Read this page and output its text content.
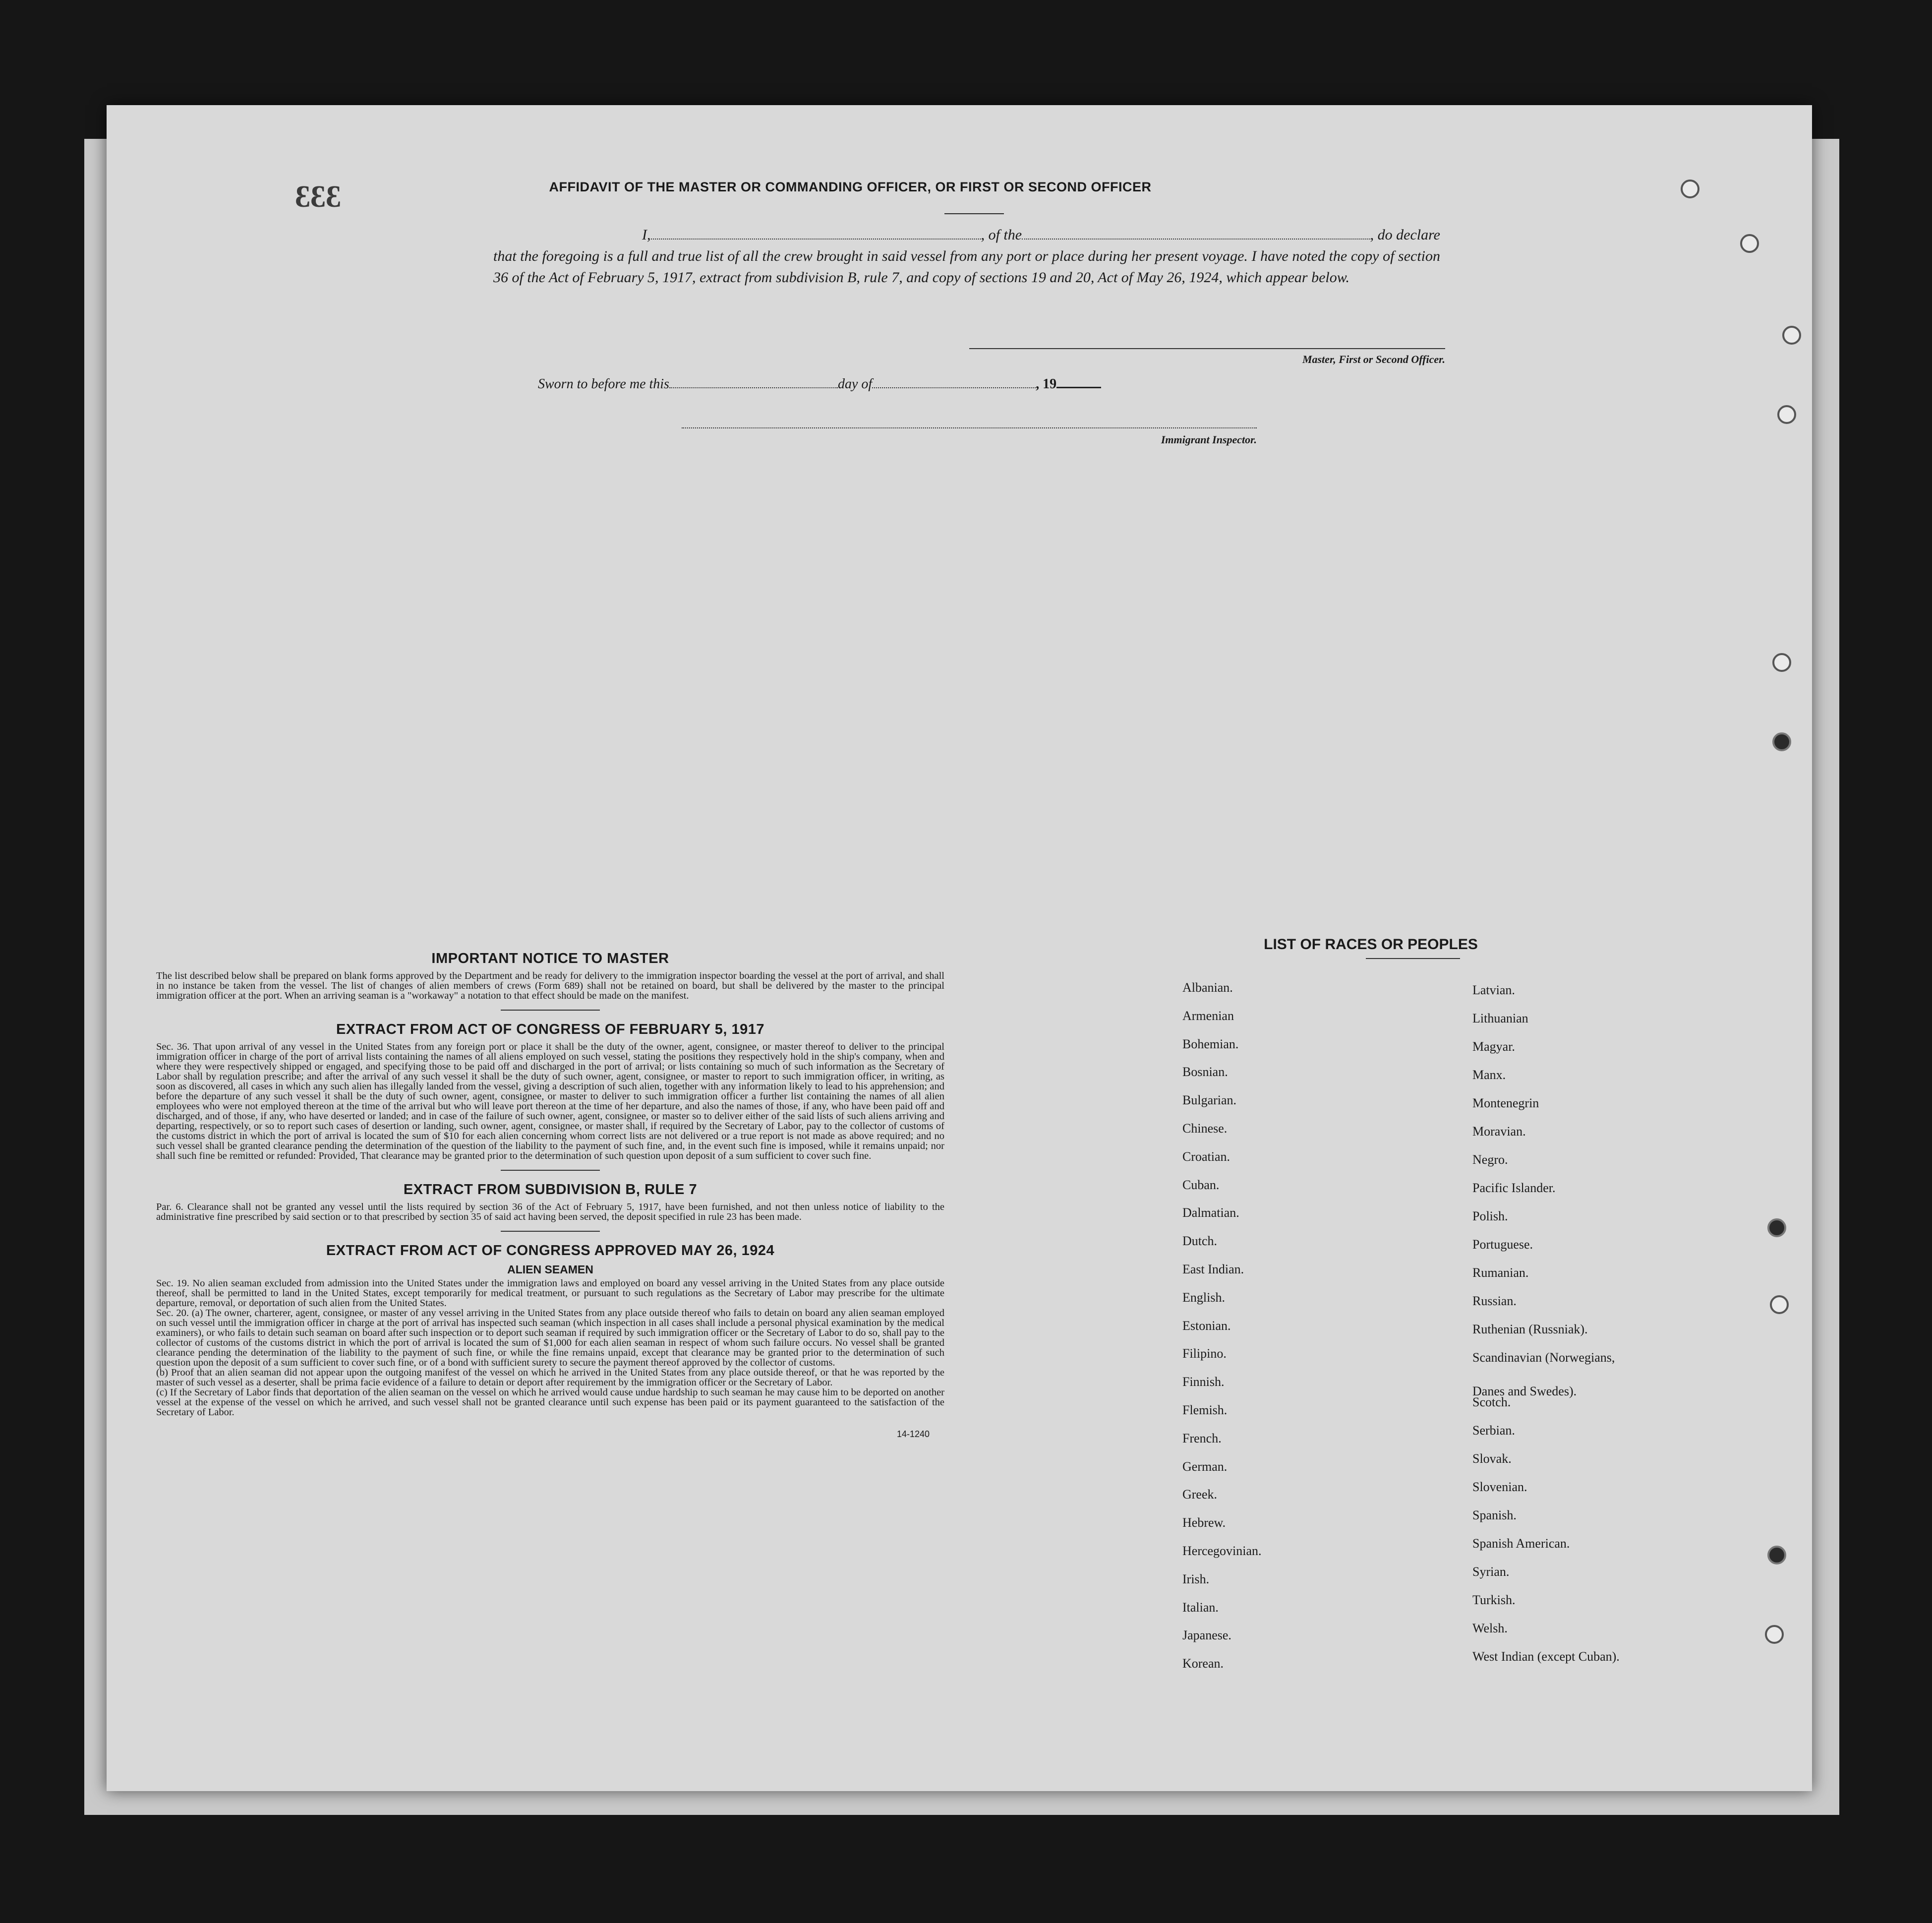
333	AFFIDAVIT OF THE MASTER OR COMMANDING OFFICER, OR FIRST OR SECOND OFFICER
I,	, of the	, do declare
that the foregoing is a full and true list of all the crew brought in said vessel from any port or place during her present voyage. I have noted the copy of section 36 of the Act of February 5, 1917, extract from subdivision B, rule 7, and copy of sections 19 and 20, Act of May 26, 1924, which appear below.
Master, First or Second Officer.
Sworn to before me this	day of	, 19
Immigrant Inspector.
IMPORTANT NOTICE TO MASTER

The list described below shall be prepared on blank forms approved by the Department and be ready for delivery to the immigration inspector boarding the vessel at the port of arrival, and shall in no instance be taken from the vessel. The list of changes of alien members of crews (Form 689) shall not be retained on board, but shall be delivered by the master to the principal immigration officer at the port. When an arriving seaman is a "workaway" a notation to that effect should be made on the manifest.

EXTRACT FROM ACT OF CONGRESS OF FEBRUARY 5, 1917

Sec. 36. That upon arrival of any vessel in the United States from any foreign port or place it shall be the duty of the owner, agent, consignee, or master thereof to deliver to the principal immigration officer in charge of the port of arrival lists containing the names of all aliens employed on such vessel, stating the positions they respectively hold in the ship's company, when and where they were respectively shipped or engaged, and specifying those to be paid off and discharged in the port of arrival; or lists containing so much of such information as the Secretary of Labor shall by regulation prescribe; and after the arrival of any such vessel it shall be the duty of such owner, agent, consignee, or master to report to such immigration officer, in writing, as soon as discovered, all cases in which any such alien has illegally landed from the vessel, giving a description of such alien, together with any information likely to lead to his apprehension; and before the departure of any such vessel it shall be the duty of such owner, agent, consignee, or master to deliver to such immigration officer a further list containing the names of all alien employees who were not employed thereon at the time of the arrival but who will leave port thereon at the time of her departure, and also the names of those, if any, who have been paid off and discharged, and of those, if any, who have deserted or landed; and in case of the failure of such owner, agent, consignee, or master so to deliver either of the said lists of such aliens arriving and departing, respectively, or so to report such cases of desertion or landing, such owner, agent, consignee, or master shall, if required by the Secretary of Labor, pay to the collector of customs of the customs district in which the port of arrival is located the sum of $10 for each alien concerning whom correct lists are not delivered or a true report is not made as above required; and no such vessel shall be granted clearance pending the determination of the question of the liability to the payment of such fine, and, in the event such fine is imposed, while it remains unpaid; nor shall such fine be remitted or refunded: Provided, That clearance may be granted prior to the determination of such question upon deposit of a sum sufficient to cover such fine.

EXTRACT FROM SUBDIVISION B, RULE 7

Par. 6. Clearance shall not be granted any vessel until the lists required by section 36 of the Act of February 5, 1917, have been furnished, and not then unless notice of liability to the administrative fine prescribed by said section or to that prescribed by section 35 of said act having been served, the deposit specified in rule 23 has been made.

EXTRACT FROM ACT OF CONGRESS APPROVED MAY 26, 1924
ALIEN SEAMEN

Sec. 19. No alien seaman excluded from admission into the United States under the immigration laws and employed on board any vessel arriving in the United States from any place outside thereof, shall be permitted to land in the United States, except temporarily for medical treatment, or pursuant to such regulations as the Secretary of Labor may prescribe for the ultimate departure, removal, or deportation of such alien from the United States.

Sec. 20. (a) The owner, charterer, agent, consignee, or master of any vessel arriving in the United States from any place outside thereof who fails to detain on board any alien seaman employed on such vessel until the immigration officer in charge at the port of arrival has inspected such seaman (which inspection in all cases shall include a personal physical examination by the medical examiners), or who fails to detain such seaman on board after such inspection or to deport such seaman if required by such immigration officer or the Secretary of Labor to do so, shall pay to the collector of customs of the customs district in which the port of arrival is located the sum of $1,000 for each alien seaman in respect of whom such failure occurs. No vessel shall be granted clearance pending the determination of the liability to the payment of such fine, or while the fine remains unpaid, except that clearance may be granted prior to the determination of such question upon the deposit of a sum sufficient to cover such fine, or of a bond with sufficient surety to secure the payment thereof approved by the collector of customs.

(b) Proof that an alien seaman did not appear upon the outgoing manifest of the vessel on which he arrived in the United States from any place outside thereof, or that he was reported by the master of such vessel as a deserter, shall be prima facie evidence of a failure to detain or deport after requirement by the immigration officer or the Secretary of Labor.

(c) If the Secretary of Labor finds that deportation of the alien seaman on the vessel on which he arrived would cause undue hardship to such seaman he may cause him to be deported on another vessel at the expense of the vessel on which he arrived, and such vessel shall not be granted clearance until such expense has been paid or its payment guaranteed to the satisfaction of the Secretary of Labor.

14-1240
LIST OF RACES OR PEOPLES
Albanian.
Armenian
Bohemian.
Bosnian.
Bulgarian.
Chinese.
Croatian.
Cuban.
Dalmatian.
Dutch.
East Indian.
English.
Estonian.
Filipino.
Finnish.
Flemish.
French.
German.
Greek.
Hebrew.
Hercegovinian.
Irish.
Italian.
Japanese.
Korean.
Latvian.
Lithuanian
Magyar.
Manx.
Montenegrin
Moravian.
Negro.
Pacific Islander.
Polish.
Portuguese.
Rumanian.
Russian.
Ruthenian (Russniak).
Scandinavian (Norwegians,
Danes and Swedes).
Scotch.
Serbian.
Slovak.
Slovenian.
Spanish.
Spanish American.
Syrian.
Turkish.
Welsh.
West Indian (except Cuban).
